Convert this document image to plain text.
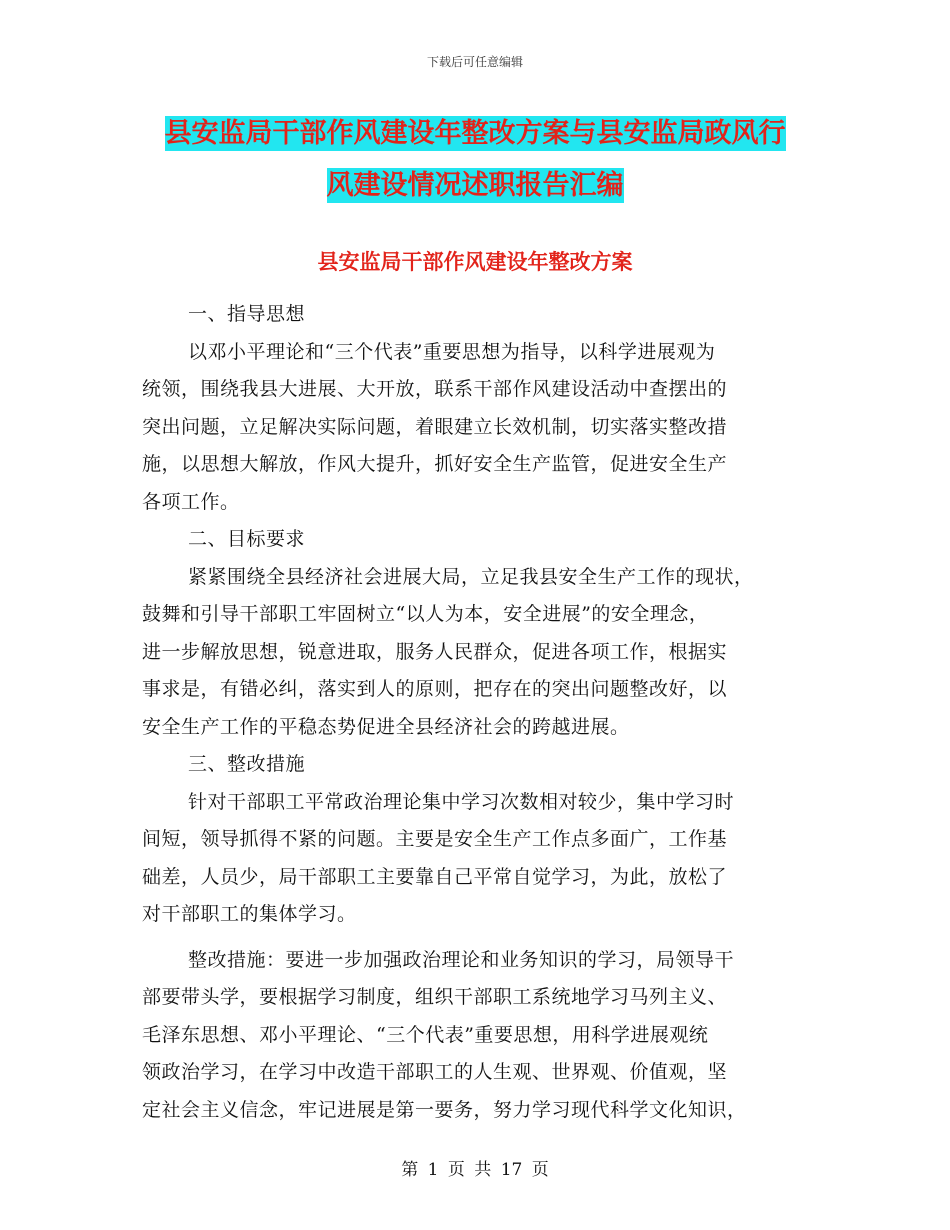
下载后可任意编辑
县安监局干部作风建设年整改方案与县安监局政风行
风建设情况述职报告汇编
县安监局干部作风建设年整改方案
一、指导思想
以邓小平理论和“三个代表”重要思想为指导，以科学进展观为
统领，围绕我县大进展、大开放，联系干部作风建设活动中查摆出的
突出问题，立足解决实际问题，着眼建立长效机制，切实落实整改措
施，以思想大解放，作风大提升，抓好安全生产监管，促进安全生产
各项工作。
二、目标要求
紧紧围绕全县经济社会进展大局，立足我县安全生产工作的现状，
鼓舞和引导干部职工牢固树立“以人为本，安全进展”的安全理念，
进一步解放思想，锐意进取，服务人民群众，促进各项工作，根据实
事求是，有错必纠，落实到人的原则，把存在的突出问题整改好，以
安全生产工作的平稳态势促进全县经济社会的跨越进展。
三、整改措施
针对干部职工平常政治理论集中学习次数相对较少，集中学习时
间短，领导抓得不紧的问题。主要是安全生产工作点多面广，工作基
础差，人员少，局干部职工主要靠自己平常自觉学习，为此，放松了
对干部职工的集体学习。
整改措施：要进一步加强政治理论和业务知识的学习，局领导干
部要带头学，要根据学习制度，组织干部职工系统地学习马列主义、
毛泽东思想、邓小平理论、“三个代表”重要思想，用科学进展观统
领政治学习，在学习中改造干部职工的人生观、世界观、价值观，坚
定社会主义信念，牢记进展是第一要务，努力学习现代科学文化知识，
第 1 页 共 17 页
